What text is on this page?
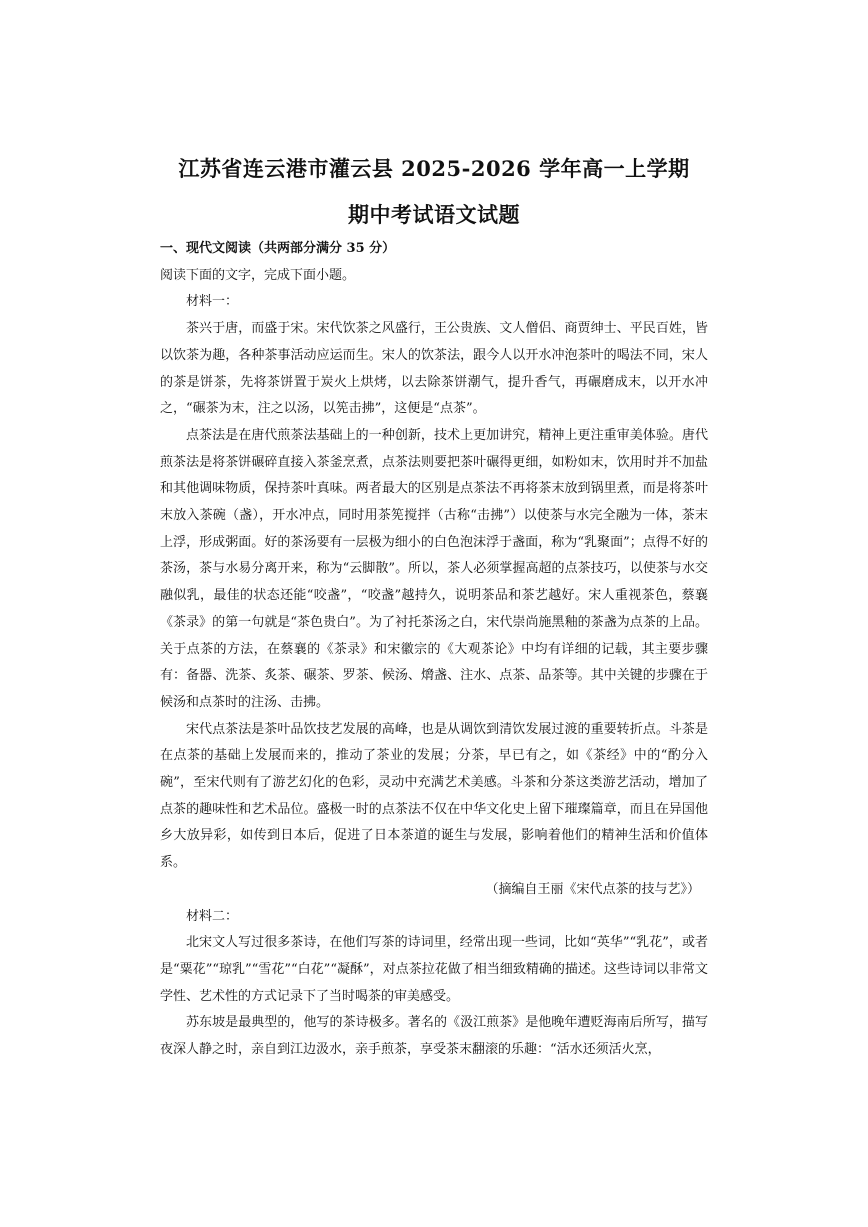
江苏省连云港市灌云县 2025-2026 学年高一上学期
期中考试语文试题

一、现代文阅读（共两部分满分 35 分）

阅读下面的文字，完成下面小题。

材料一：

茶兴于唐，而盛于宋。宋代饮茶之风盛行，王公贵族、文人僧侣、商贾绅士、平民百姓，皆以饮茶为趣，各种茶事活动应运而生。宋人的饮茶法，跟今人以开水冲泡茶叶的喝法不同，宋人的茶是饼茶，先将茶饼置于炭火上烘烤，以去除茶饼潮气，提升香气，再碾磨成末，以开水冲之，“碾茶为末，注之以汤，以筅击拂”，这便是“点茶”。

点茶法是在唐代煎茶法基础上的一种创新，技术上更加讲究，精神上更注重审美体验。唐代煎茶法是将茶饼碾碎直接入茶釜烹煮，点茶法则要把茶叶碾得更细，如粉如末，饮用时并不加盐和其他调味物质，保持茶叶真味。两者最大的区别是点茶法不再将茶末放到锅里煮，而是将茶叶末放入茶碗（盏），开水冲点，同时用茶筅搅拌（古称“击拂”）以使茶与水完全融为一体，茶末上浮，形成粥面。好的茶汤要有一层极为细小的白色泡沫浮于盏面，称为“乳聚面”；点得不好的茶汤，茶与水易分离开来，称为“云脚散”。所以，茶人必须掌握高超的点茶技巧，以使茶与水交融似乳，最佳的状态还能“咬盏”，“咬盏”越持久，说明茶品和茶艺越好。宋人重视茶色，蔡襄《茶录》的第一句就是“茶色贵白”。为了衬托茶汤之白，宋代崇尚施黑釉的茶盏为点茶的上品。关于点茶的方法，在蔡襄的《茶录》和宋徽宗的《大观茶论》中均有详细的记载，其主要步骤有：备器、洗茶、炙茶、碾茶、罗茶、候汤、熁盏、注水、点茶、品茶等。其中关键的步骤在于候汤和点茶时的注汤、击拂。

宋代点茶法是茶叶品饮技艺发展的高峰，也是从调饮到清饮发展过渡的重要转折点。斗茶是在点茶的基础上发展而来的，推动了茶业的发展；分茶，早已有之，如《茶经》中的“酌分入碗”，至宋代则有了游艺幻化的色彩，灵动中充满艺术美感。斗茶和分茶这类游艺活动，增加了点茶的趣味性和艺术品位。盛极一时的点茶法不仅在中华文化史上留下璀璨篇章，而且在异国他乡大放异彩，如传到日本后，促进了日本茶道的诞生与发展，影响着他们的精神生活和价值体系。

（摘编自王丽《宋代点茶的技与艺》）

材料二：

北宋文人写过很多茶诗，在他们写茶的诗词里，经常出现一些词，比如“英华”“乳花”，或者是“粟花”“琼乳”“雪花”“白花”“凝酥”，对点茶拉花做了相当细致精确的描述。这些诗词以非常文学性、艺术性的方式记录下了当时喝茶的审美感受。

苏东坡是最典型的，他写的茶诗极多。著名的《汲江煎茶》是他晚年遭贬海南后所写，描写夜深人静之时，亲自到江边汲水，亲手煎茶，享受茶末翻滚的乐趣：“活水还须活火烹，
